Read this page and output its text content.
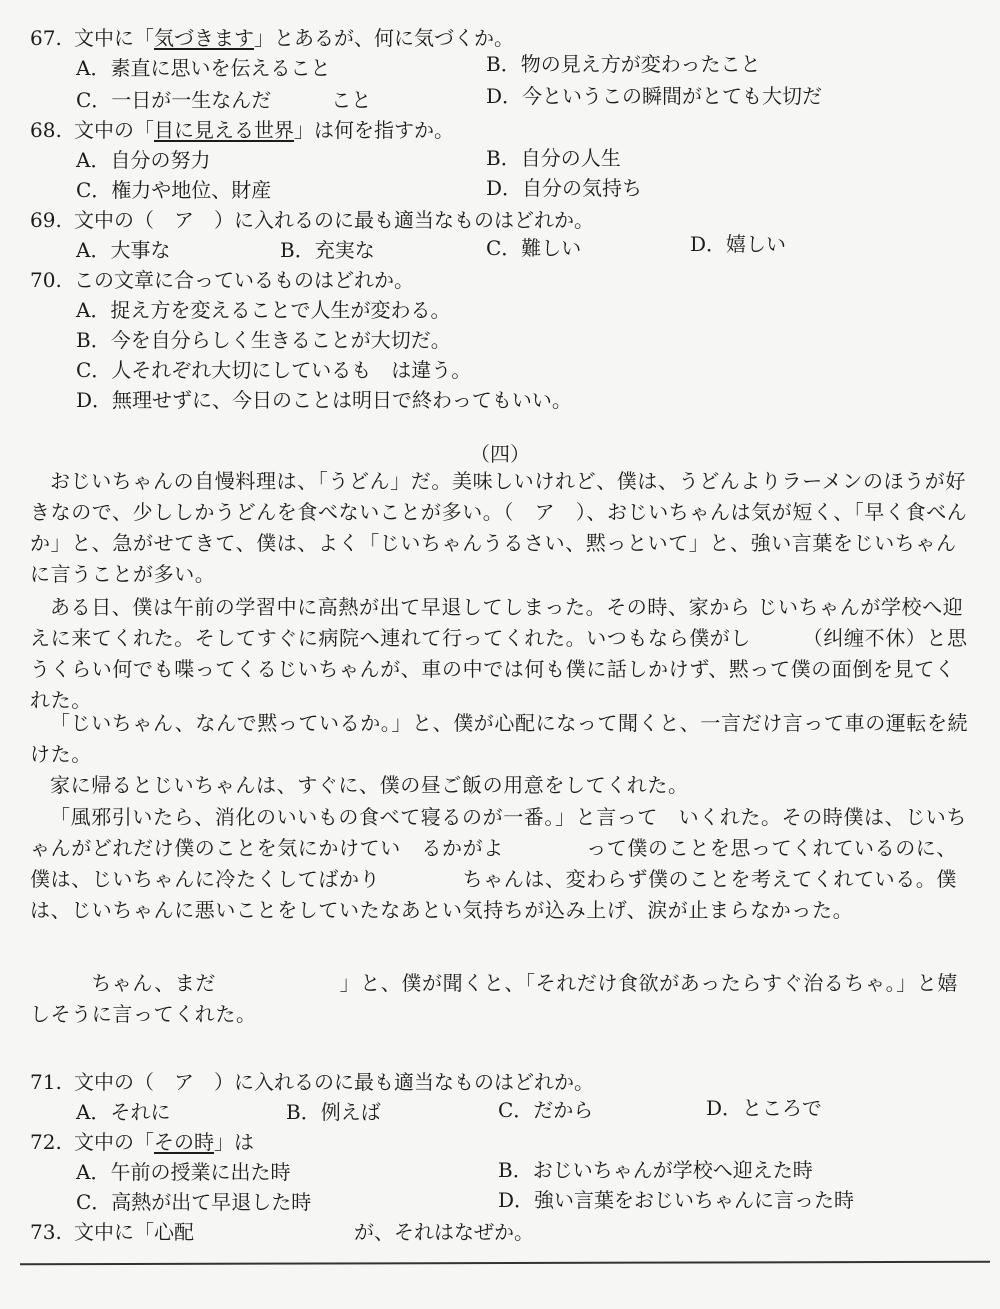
67. 文中に「気づきます」とあるが、何に気づくか。
A．素直に思いを伝えること	B．物の見え方が変わったこと
C．一日が一生なんだ　　　こと	D．今というこの瞬間がとても大切だ
68. 文中の「目に見える世界」は何を指すか。
A．自分の努力	B．自分の人生
C．権力や地位、財産	D．自分の気持ち
69. 文中の（　ア　）に入れるのに最も適当なものはどれか。
A．大事な	B．充実な	C．難しい	D．嬉しい
70. この文章に合っているものはどれか。
A．捉え方を変えることで人生が変わる。
B．今を自分らしく生きることが大切だ。
C．人それぞれ大切にしているも　は違う。
D．無理せずに、今日のことは明日で終わってもいい。
（四）
おじいちゃんの自慢料理は、「うどん」だ。美味しいけれど、僕は、うどんよりラーメンのほうが好きなので、少ししかうどんを食べないことが多い。（　ア　）、おじいちゃんは気が短く、「早く食べんか」と、急がせてきて、僕は、よく「じいちゃんうるさい、黙っといて」と、強い言葉をじいちゃんに言うことが多い。
ある日、僕は午前の学習中に高熱が出て早退してしまった。その時、家から じいちゃんが学校へ迎えに来てくれた。そしてすぐに病院へ連れて行ってくれた。いつもなら僕がし　　　（纠缠不休）と思うくらい何でも喋ってくるじいちゃんが、車の中では何も僕に話しかけず、黙って僕の面倒を見てくれた。
「じいちゃん、なんで黙っているか。」と、僕が心配になって聞くと、一言だけ言って車の運転を続けた。
家に帰るとじいちゃんは、すぐに、僕の昼ご飯の用意をしてくれた。
「風邪引いたら、消化のいいもの食べて寝るのが一番。」と言って　いくれた。その時僕は、じいちゃんがどれだけ僕のことを気にかけてい　るかがよ　　　　って僕のことを思ってくれているのに、僕は、じいちゃんに冷たくしてばかり　　　　ちゃんは、変わらず僕のことを考えてくれている。僕は、じいちゃんに悪いことをしていたなあとい気持ちが込み上げ、涙が止まらなかった。
　　ちゃん、まだ　　　　　　」と、僕が聞くと、「それだけ食欲があったらすぐ治るちゃ。」と嬉しそうに言ってくれた。
71. 文中の（　ア　）に入れるのに最も適当なものはどれか。
A．それに	B．例えば	C．だから	D．ところで
72. 文中の「その時」は
A．午前の授業に出た時	B．おじいちゃんが学校へ迎えた時
C．高熱が出て早退した時	D．強い言葉をおじいちゃんに言った時
73. 文中に「心配　　　　　　　　が、それはなぜか。
